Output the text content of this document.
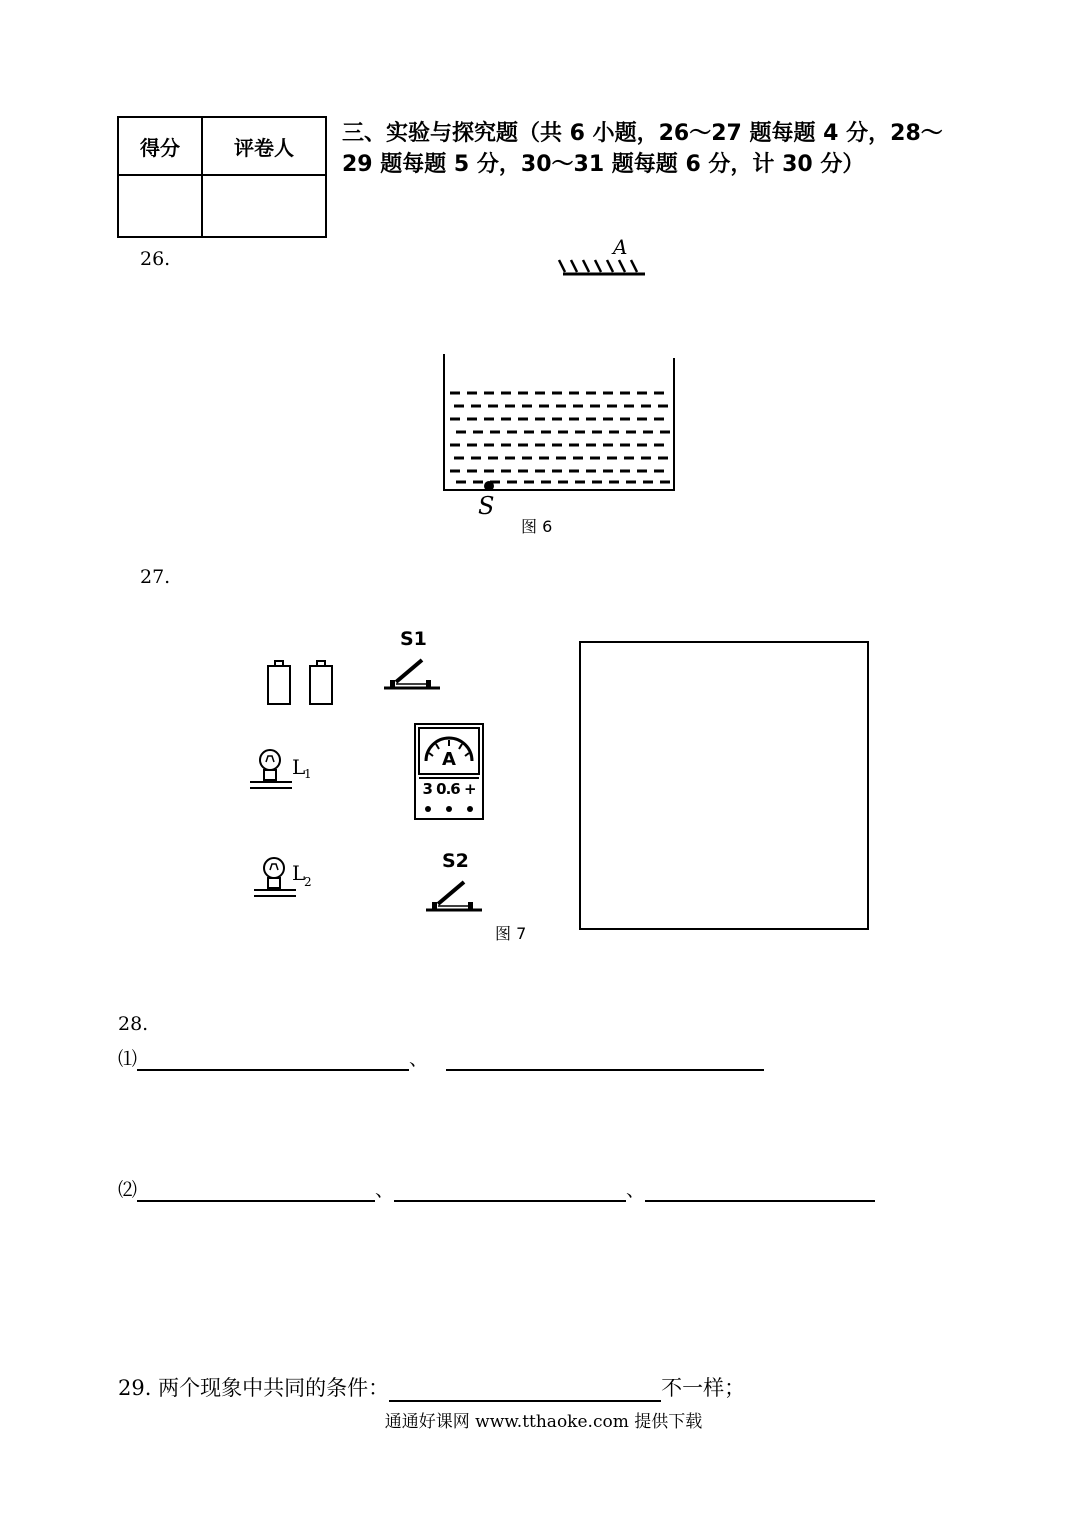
得分	评卷人

三、实验与探究题（共 6 小题，26～27 题每题 4 分，28～
29 题每题 5 分，30～31 题每题 6 分，计 30 分）
26.	A
S
图 6
27.
S1
L
1
A
3 0.6 +
L
2
S2
图 7
28.
⑴	、
⑵	、	、
29. 两个现象中共同的条件：	不一样；
通通好课网 www.tthaoke.com 提供下载
